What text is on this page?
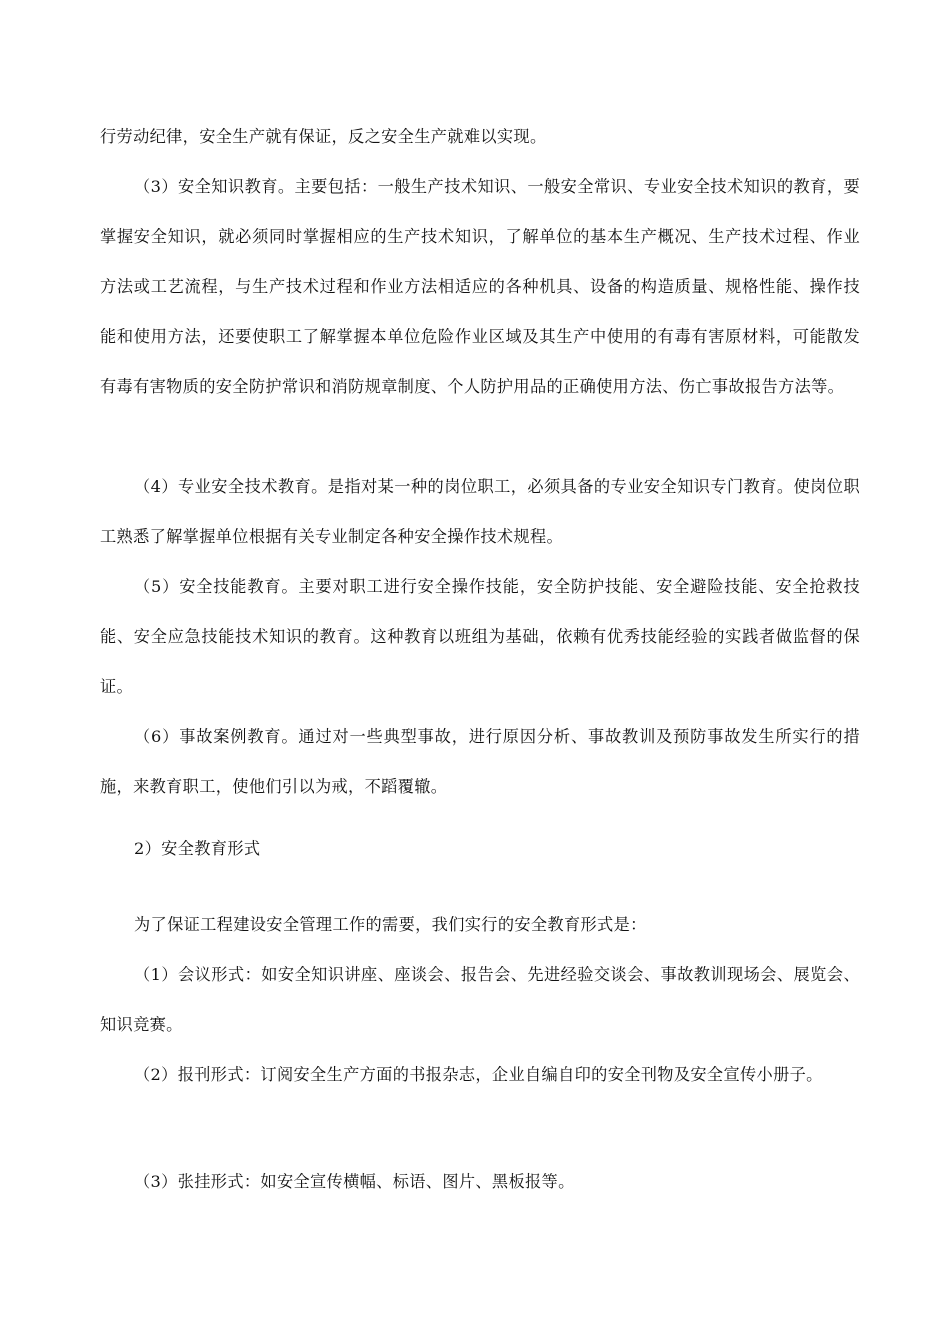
行劳动纪律，安全生产就有保证，反之安全生产就难以实现。
（3）安全知识教育。主要包括：一般生产技术知识、一般安全常识、专业安全技术知识的教育，要掌握安全知识，就必须同时掌握相应的生产技术知识，了解单位的基本生产概况、生产技术过程、作业方法或工艺流程，与生产技术过程和作业方法相适应的各种机具、设备的构造质量、规格性能、操作技能和使用方法，还要使职工了解掌握本单位危险作业区域及其生产中使用的有毒有害原材料，可能散发有毒有害物质的安全防护常识和消防规章制度、个人防护用品的正确使用方法、伤亡事故报告方法等。
（4）专业安全技术教育。是指对某一种的岗位职工，必须具备的专业安全知识专门教育。使岗位职工熟悉了解掌握单位根据有关专业制定各种安全操作技术规程。
（5）安全技能教育。主要对职工进行安全操作技能，安全防护技能、安全避险技能、安全抢救技能、安全应急技能技术知识的教育。这种教育以班组为基础，依赖有优秀技能经验的实践者做监督的保证。
（6）事故案例教育。通过对一些典型事故，进行原因分析、事故教训及预防事故发生所实行的措施，来教育职工，使他们引以为戒，不蹈覆辙。
2）安全教育形式
为了保证工程建设安全管理工作的需要，我们实行的安全教育形式是：
（1）会议形式：如安全知识讲座、座谈会、报告会、先进经验交谈会、事故教训现场会、展览会、知识竞赛。
（2）报刊形式：订阅安全生产方面的书报杂志，企业自编自印的安全刊物及安全宣传小册子。
（3）张挂形式：如安全宣传横幅、标语、图片、黑板报等。
